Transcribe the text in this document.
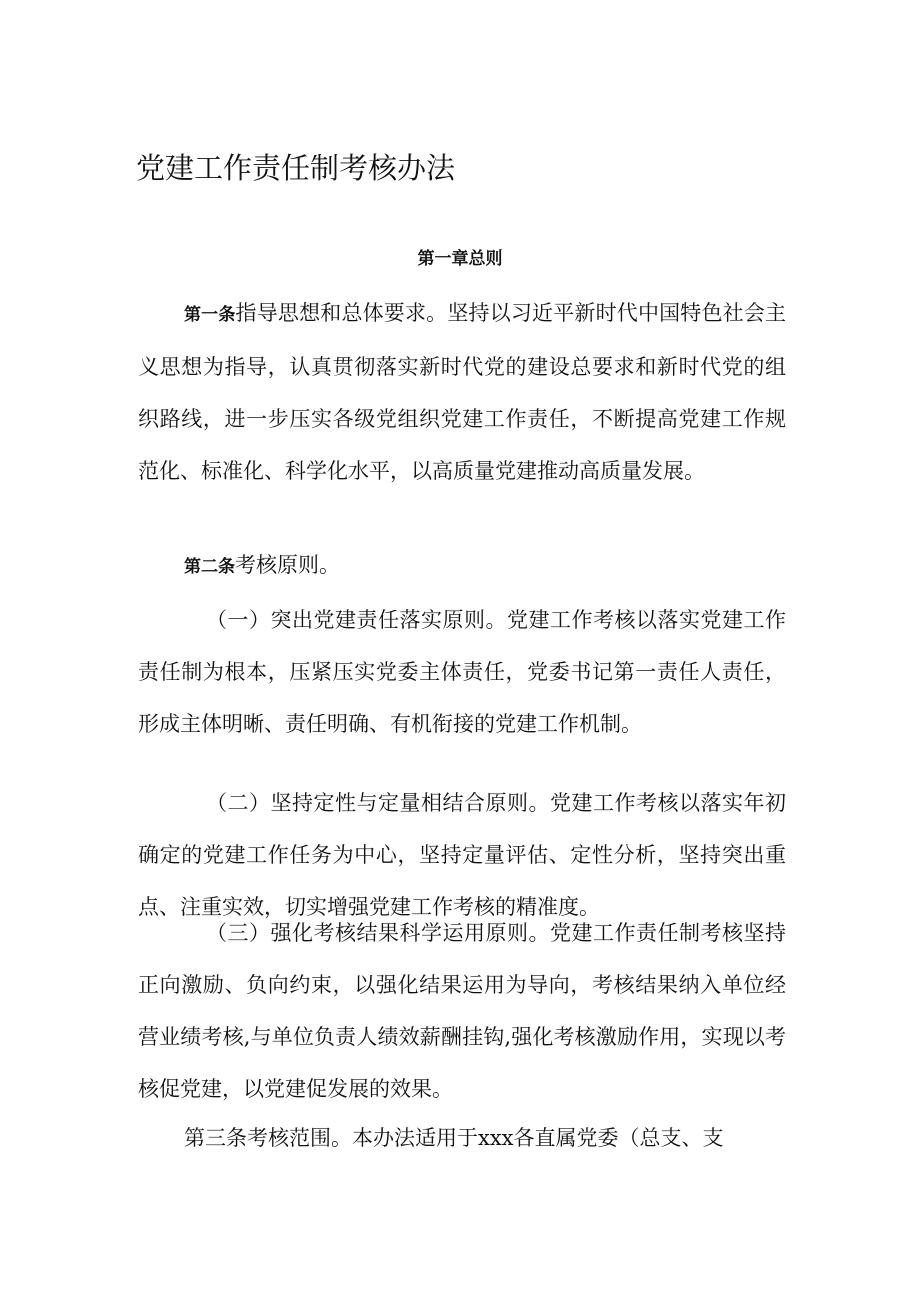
党建工作责任制考核办法
第一章总则

第一条指导思想和总体要求。坚持以习近平新时代中国特色社会主义思想为指导，认真贯彻落实新时代党的建设总要求和新时代党的组织路线，进一步压实各级党组织党建工作责任，不断提高党建工作规范化、标准化、科学化水平，以高质量党建推动高质量发展。

第二条考核原则。

（一）突出党建责任落实原则。党建工作考核以落实党建工作责任制为根本，压紧压实党委主体责任，党委书记第一责任人责任，形成主体明晰、责任明确、有机衔接的党建工作机制。

（二）坚持定性与定量相结合原则。党建工作考核以落实年初确定的党建工作任务为中心，坚持定量评估、定性分析，坚持突出重点、注重实效，切实增强党建工作考核的精准度。

（三）强化考核结果科学运用原则。党建工作责任制考核坚持正向激励、负向约束，以强化结果运用为导向，考核结果纳入单位经营业绩考核,与单位负责人绩效薪酬挂钩,强化考核激励作用，实现以考核促党建，以党建促发展的效果。

第三条考核范围。本办法适用于xxx各直属党委（总支、支
